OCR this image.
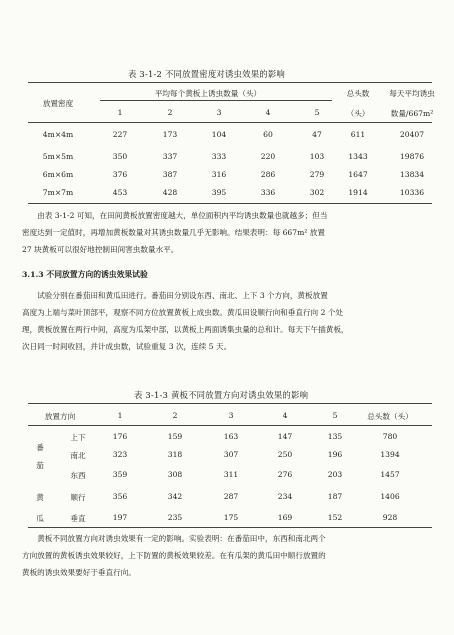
表 3-1-2 不同放置密度对诱虫效果的影响
放置密度
平均每个黄板上诱虫数量（头）	总头数
（头）
每天平均诱虫
数量/667m²
1	2	3	4	5
4m×4m	227	173	104	60	47	611	20407
5m×5m	350	337	333	220	103	1343	19876
6m×6m	376	387	316	286	279	1647	13834
7m×7m	453	428	395	336	302	1914	10336

由表 3-1-2 可知，在田间黄板放置密度越大，单位面积内平均诱虫数量也就越多；但当

密度达到一定值时，再增加黄板数量对其诱虫数量几乎无影响。结果表明：每 667m² 放置
27 块黄板可以很好地控制田间害虫数量水平。
3.1.3 不同放置方向的诱虫效果试验

试验分别在番茄田和黄瓜田进行。番茄田分别设东西、南北、上下 3 个方向，黄板放置

高度为上端与菜叶顶部平，观察不同方位放置黄板上成虫数。黄瓜田设顺行向和垂直行向 2 个处
理，黄板放置在两行中间，高度为瓜架中部，以黄板上两面诱集虫量的总和计。每天下午插黄板，
次日同一时间收回，并计成虫数，试验重复 3 次，连续 5 天。
表 3-1-3 黄板不同放置方向对诱虫效果的影响
放置方向	1	2	3	4	5	总头数（头）
番
茄
黄
瓜
上下	176	159	163	147	135	780
南北	323	318	307	250	196	1394
东西	359	308	311	276	203	1457
顺行	356	342	287	234	187	1406
垂直	197	235	175	169	152	928

黄板不同放置方向对诱虫效果有一定的影响。实验表明：在番茄田中，东西和南北两个

方向放置的黄板诱虫效果较好，上下防置的黄板效果较差。在有瓜架的黄瓜田中顺行放置的
黄板的诱虫效果要好于垂直行向。
